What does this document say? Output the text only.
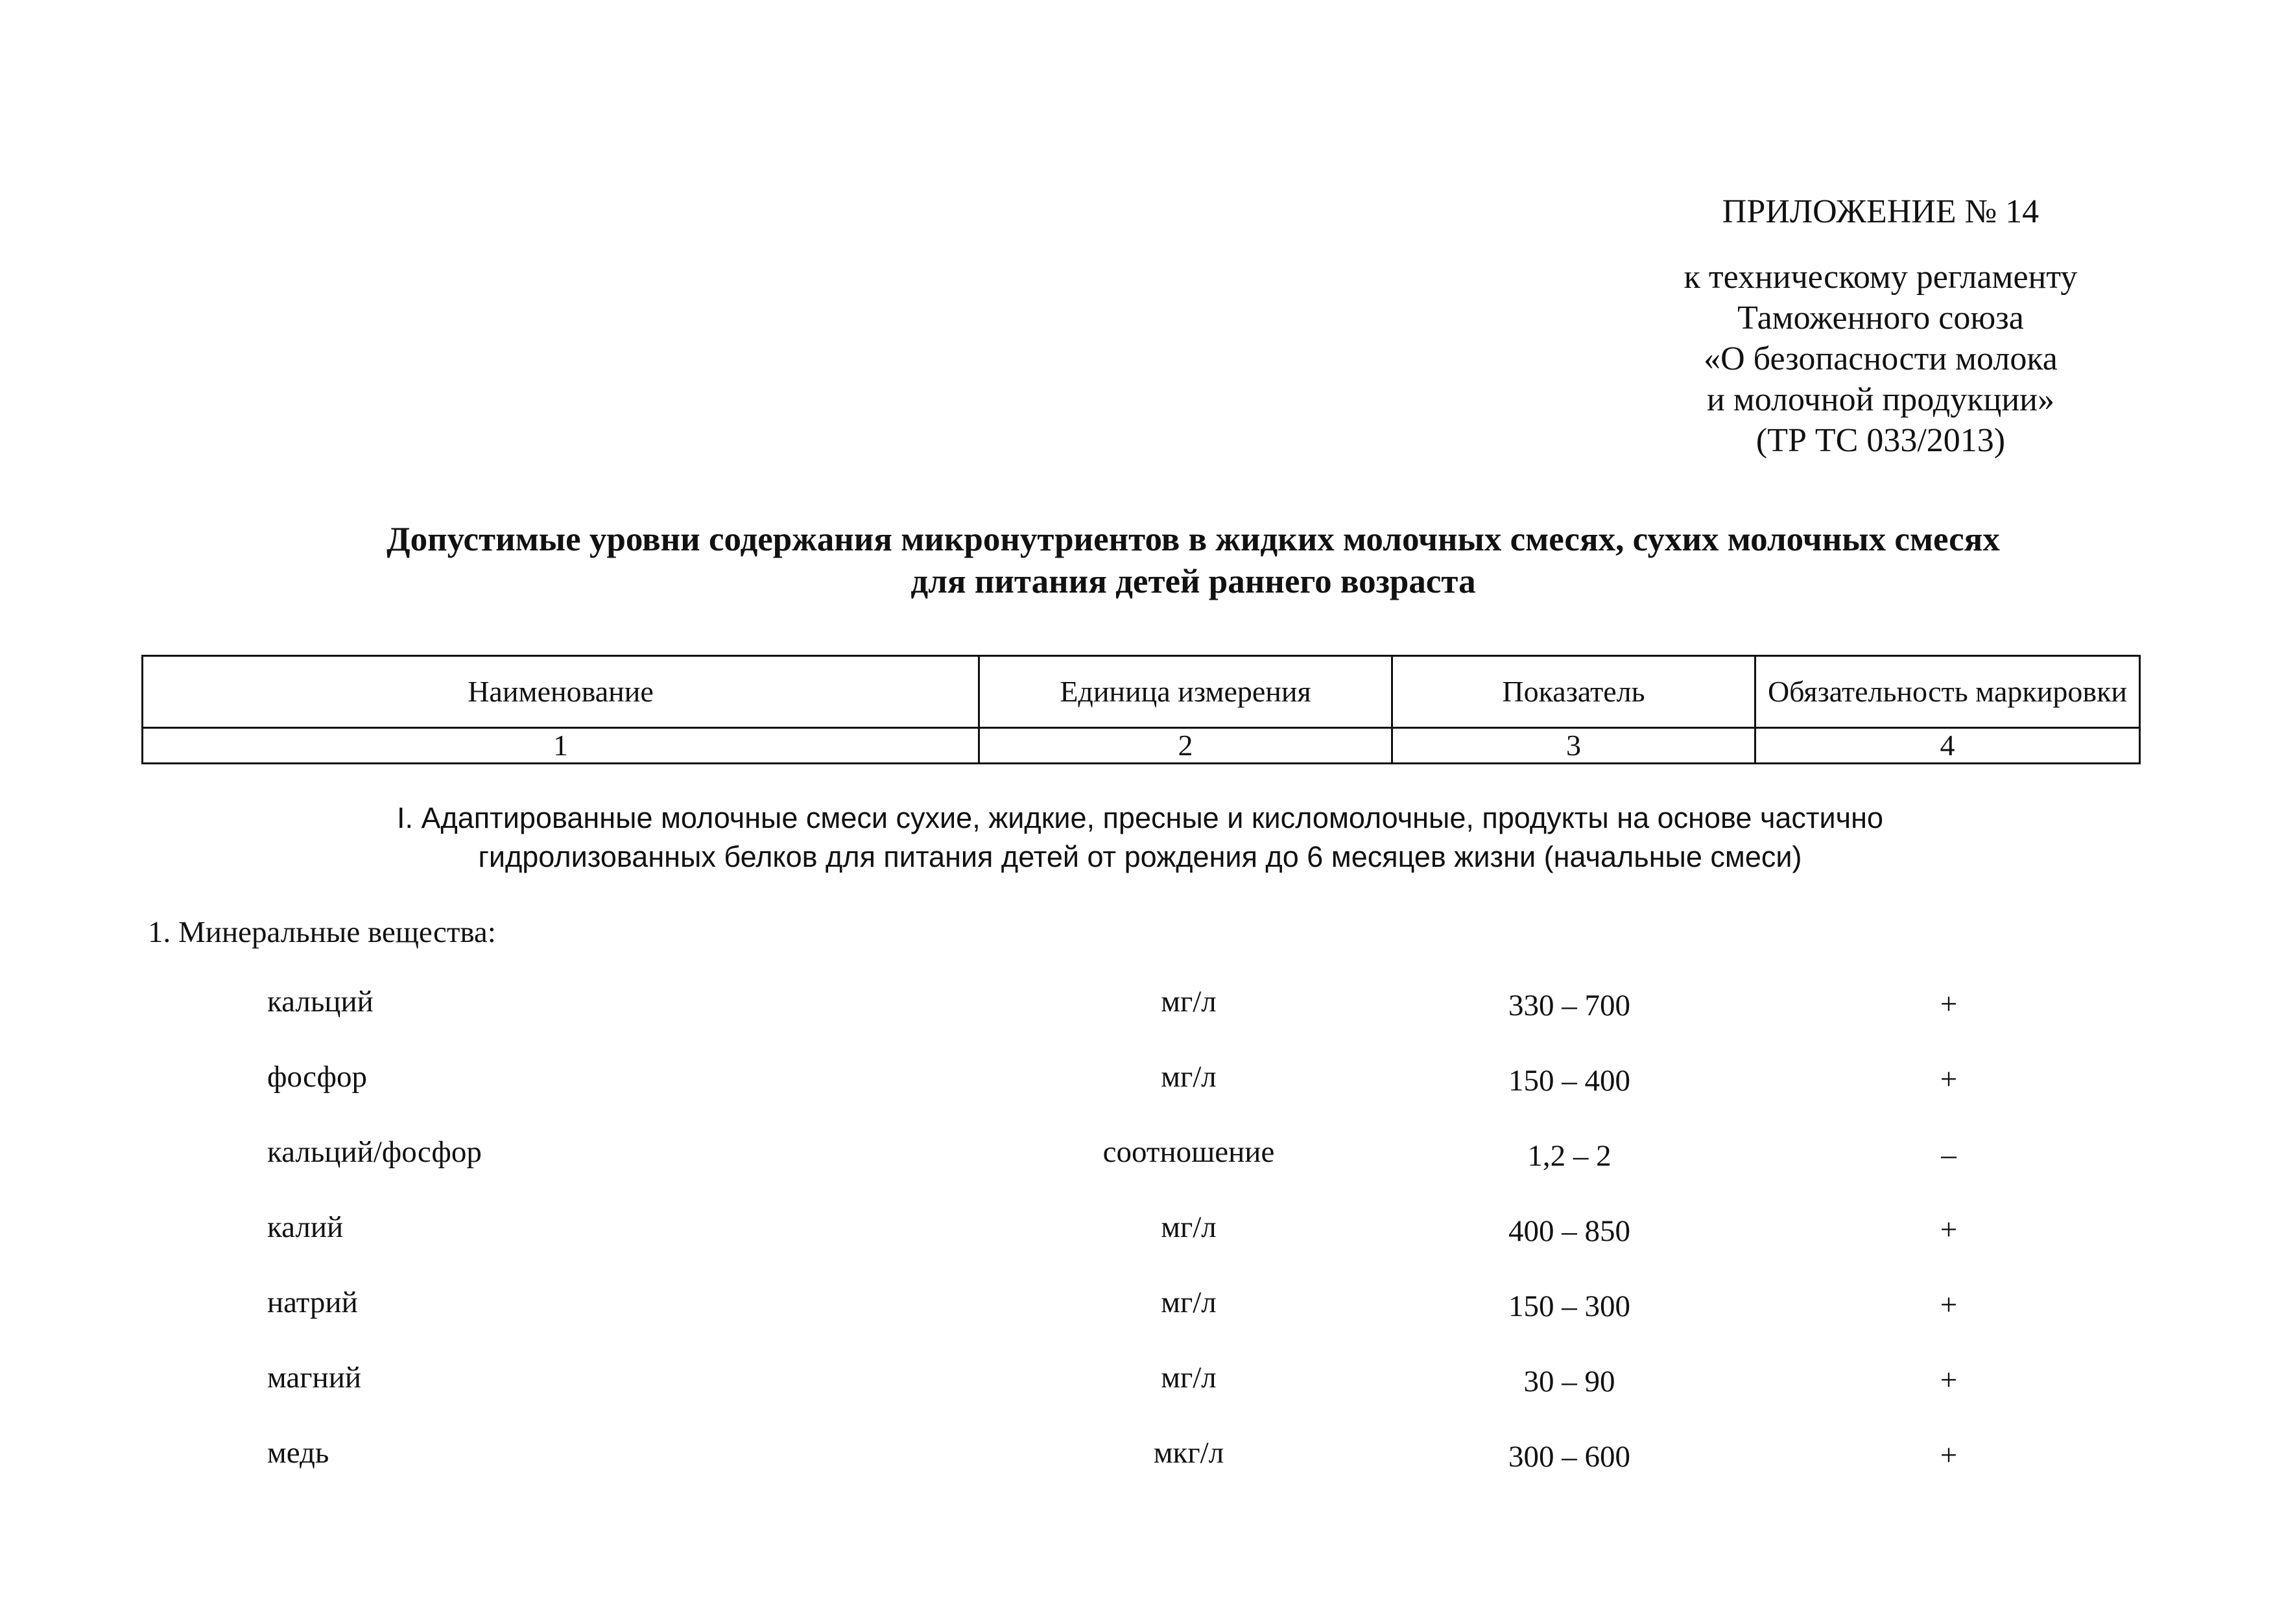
ПРИЛОЖЕНИЕ № 14
к техническому регламенту
Таможенного союза
«О безопасности молока
и молочной продукции»
(ТР ТС 033/2013)
Допустимые уровни содержания микронутриентов в жидких молочных смесях, сухих молочных смесях
для питания детей раннего возраста
Наименование	Единица измерения	Показатель	Обязательность маркировки
1	2	3	4
I. Адаптированные молочные смеси сухие, жидкие, пресные и кисломолочные, продукты на основе частично
гидролизованных белков для питания детей от рождения до 6 месяцев жизни (начальные смеси)
1. Минеральные вещества:
кальций	мг/л	330 – 700	+
фосфор	мг/л	150 – 400	+
кальций/фосфор	соотношение	1,2 – 2	–
калий	мг/л	400 – 850	+
натрий	мг/л	150 – 300	+
магний	мг/л	30 – 90	+
медь	мкг/л	300 – 600	+
